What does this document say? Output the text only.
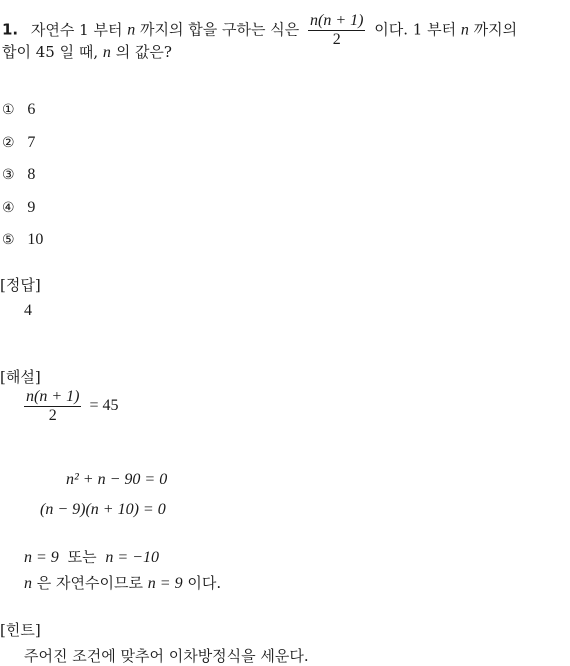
1. 자연수 1 부터 n 까지의 합을 구하는 식은 $\frac{n(n + 1)}{2}$ 이다. 1 부터 n 까지의
합이 45 일 때, n 의 값은?
① 6
② 7
③ 8
④ 9
⑤ 10
[정답]
4
[해설]
$\frac{n(n + 1)}{2} = 45$
n² + n − 90 = 0
(n − 9)(n + 10) = 0
n = 9 또는 n = −10
n 은 자연수이므로 n = 9 이다.
[힌트]
주어진 조건에 맞추어 이차방정식을 세운다.
